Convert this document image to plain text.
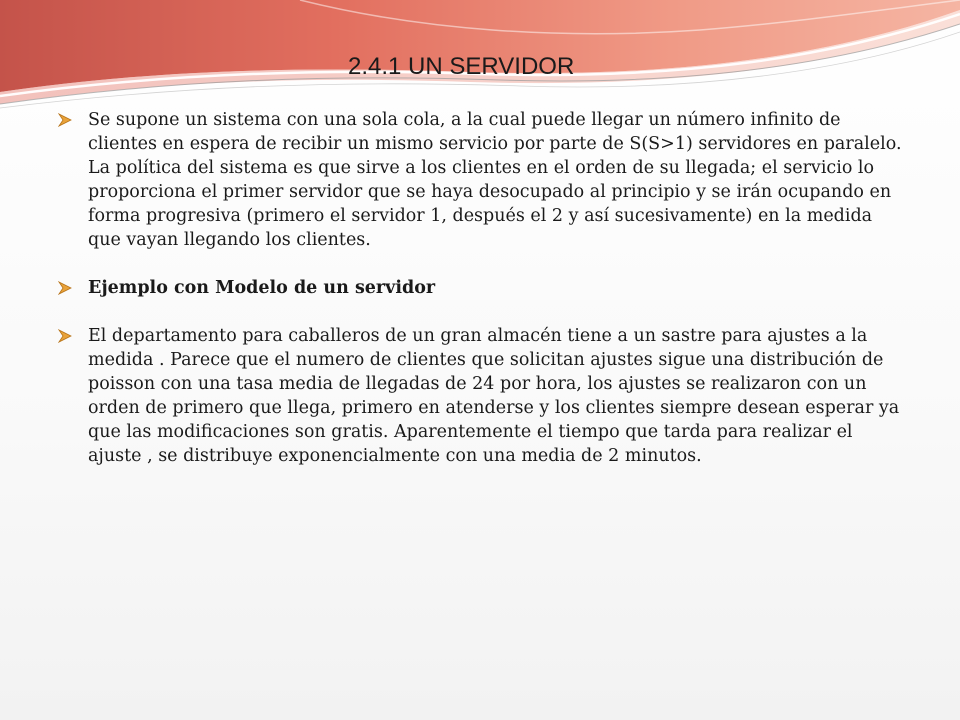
2.4.1 UN SERVIDOR
Se supone un sistema con una sola cola, a la cual puede llegar un número infinito de clientes en espera de recibir un mismo servicio por parte de S(S>1) servidores en paralelo. La política del sistema es que sirve a los clientes en el orden de su llegada; el servicio lo proporciona el primer servidor que se haya desocupado al principio y se irán ocupando en forma progresiva (primero el servidor 1, después el 2 y así sucesivamente) en la medida que vayan llegando los clientes.
Ejemplo con Modelo de un servidor
El departamento para caballeros de un gran almacén tiene a un sastre para ajustes a la medida . Parece que el numero de clientes que solicitan ajustes sigue una distribución de poisson con una tasa media de llegadas de 24 por hora, los ajustes se realizaron con un orden de primero que llega, primero en atenderse y los clientes siempre desean esperar ya que las modificaciones son gratis. Aparentemente el tiempo que tarda para realizar el ajuste , se distribuye exponencialmente con una media de 2 minutos.
